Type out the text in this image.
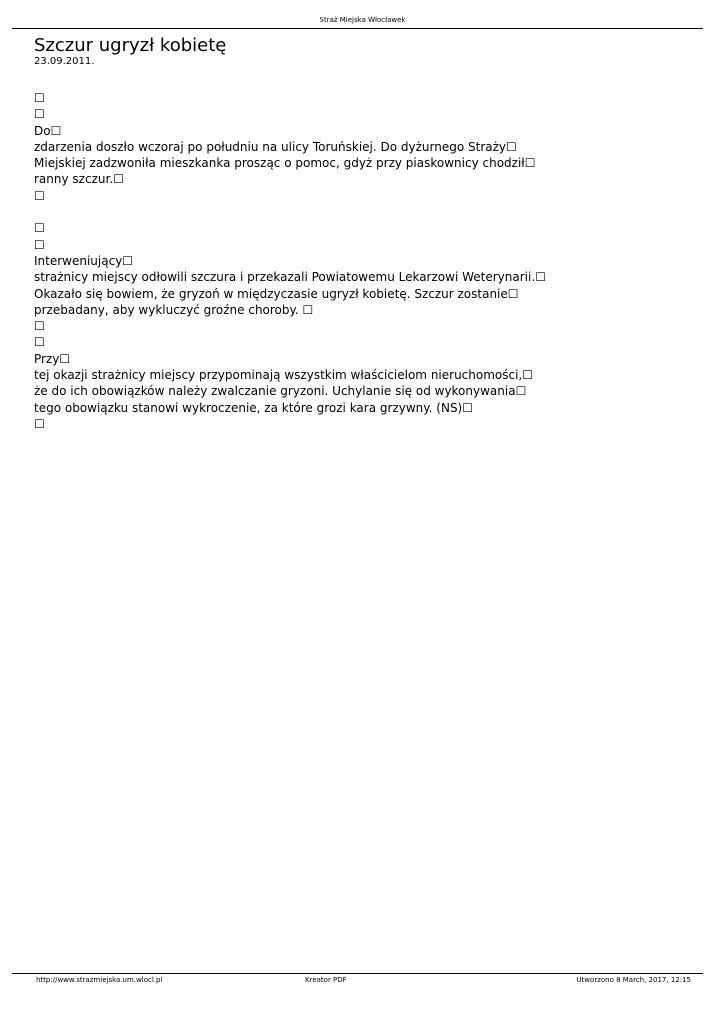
Straż Miejska Włocławek
Szczur ugryzł kobietę
23.09.2011.
☐
☐
Do☐
zdarzenia doszło wczoraj po południu na ulicy Toruńskiej. Do dyżurnego Straży☐
Miejskiej zadzwoniła mieszkanka prosząc o pomoc, gdyż przy piaskownicy chodził☐
ranny szczur.☐
☐
☐
☐
Interweniujący☐
strażnicy miejscy odłowili szczura i przekazali Powiatowemu Lekarzowi Weterynarii.☐
Okazało się bowiem, że gryzoń w międzyczasie ugryzł kobietę. Szczur zostanie☐
przebadany, aby wykluczyć groźne choroby. ☐
☐
☐
Przy☐
tej okazji strażnicy miejscy przypominają wszystkim właścicielom nieruchomości,☐
że do ich obowiązków należy zwalczanie gryzoni. Uchylanie się od wykonywania☐
tego obowiązku stanowi wykroczenie, za które grozi kara grzywny. (NS)☐
☐
http://www.strazmiejska.um.wlocl.pl	Kreator PDF	Utworzono 8 March, 2017, 12:15
